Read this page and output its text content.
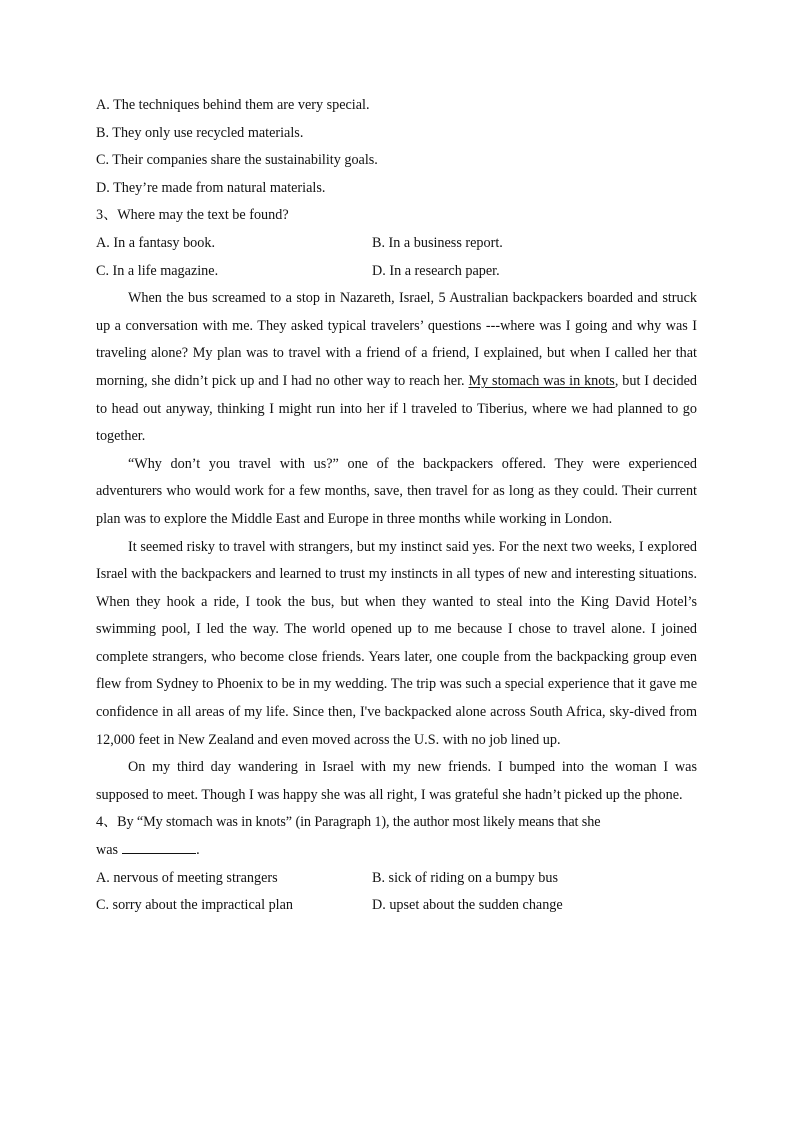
A. The techniques behind them are very special.
B. They only use recycled materials.
C. Their companies share the sustainability goals.
D. They’re made from natural materials.
3、Where may the text be found?
A. In a fantasy book.	B. In a business report.
C. In a life magazine.	D. In a research paper.

When the bus screamed to a stop in Nazareth, Israel, 5 Australian backpackers boarded and struck up a conversation with me. They asked typical travelers’ questions ---where was I going and why was I traveling alone? My plan was to travel with a friend of a friend, I explained, but when I called her that morning, she didn’t pick up and I had no other way to reach her. My stomach was in knots, but I decided to head out anyway, thinking I might run into her if l traveled to Tiberius, where we had planned to go together.

“Why don’t you travel with us?” one of the backpackers offered. They were experienced adventurers who would work for a few months, save, then travel for as long as they could. Their current plan was to explore the Middle East and Europe in three months while working in London.

It seemed risky to travel with strangers, but my instinct said yes. For the next two weeks, I explored Israel with the backpackers and learned to trust my instincts in all types of new and interesting situations. When they hook a ride, I took the bus, but when they wanted to steal into the King David Hotel’s swimming pool, I led the way. The world opened up to me because I chose to travel alone. I joined complete strangers, who become close friends. Years later, one couple from the backpacking group even flew from Sydney to Phoenix to be in my wedding. The trip was such a special experience that it gave me confidence in all areas of my life. Since then, I've backpacked alone across South Africa, sky-dived from 12,000 feet in New Zealand and even moved across the U.S. with no job lined up.

On my third day wandering in Israel with my new friends. I bumped into the woman I was supposed to meet. Though I was happy she was all right, I was grateful she hadn’t picked up the phone.

4、By “My stomach was in knots” (in Paragraph 1), the author most likely means that she
was	.
A. nervous of meeting strangers	B. sick of riding on a bumpy bus
C. sorry about the impractical plan	D. upset about the sudden change
